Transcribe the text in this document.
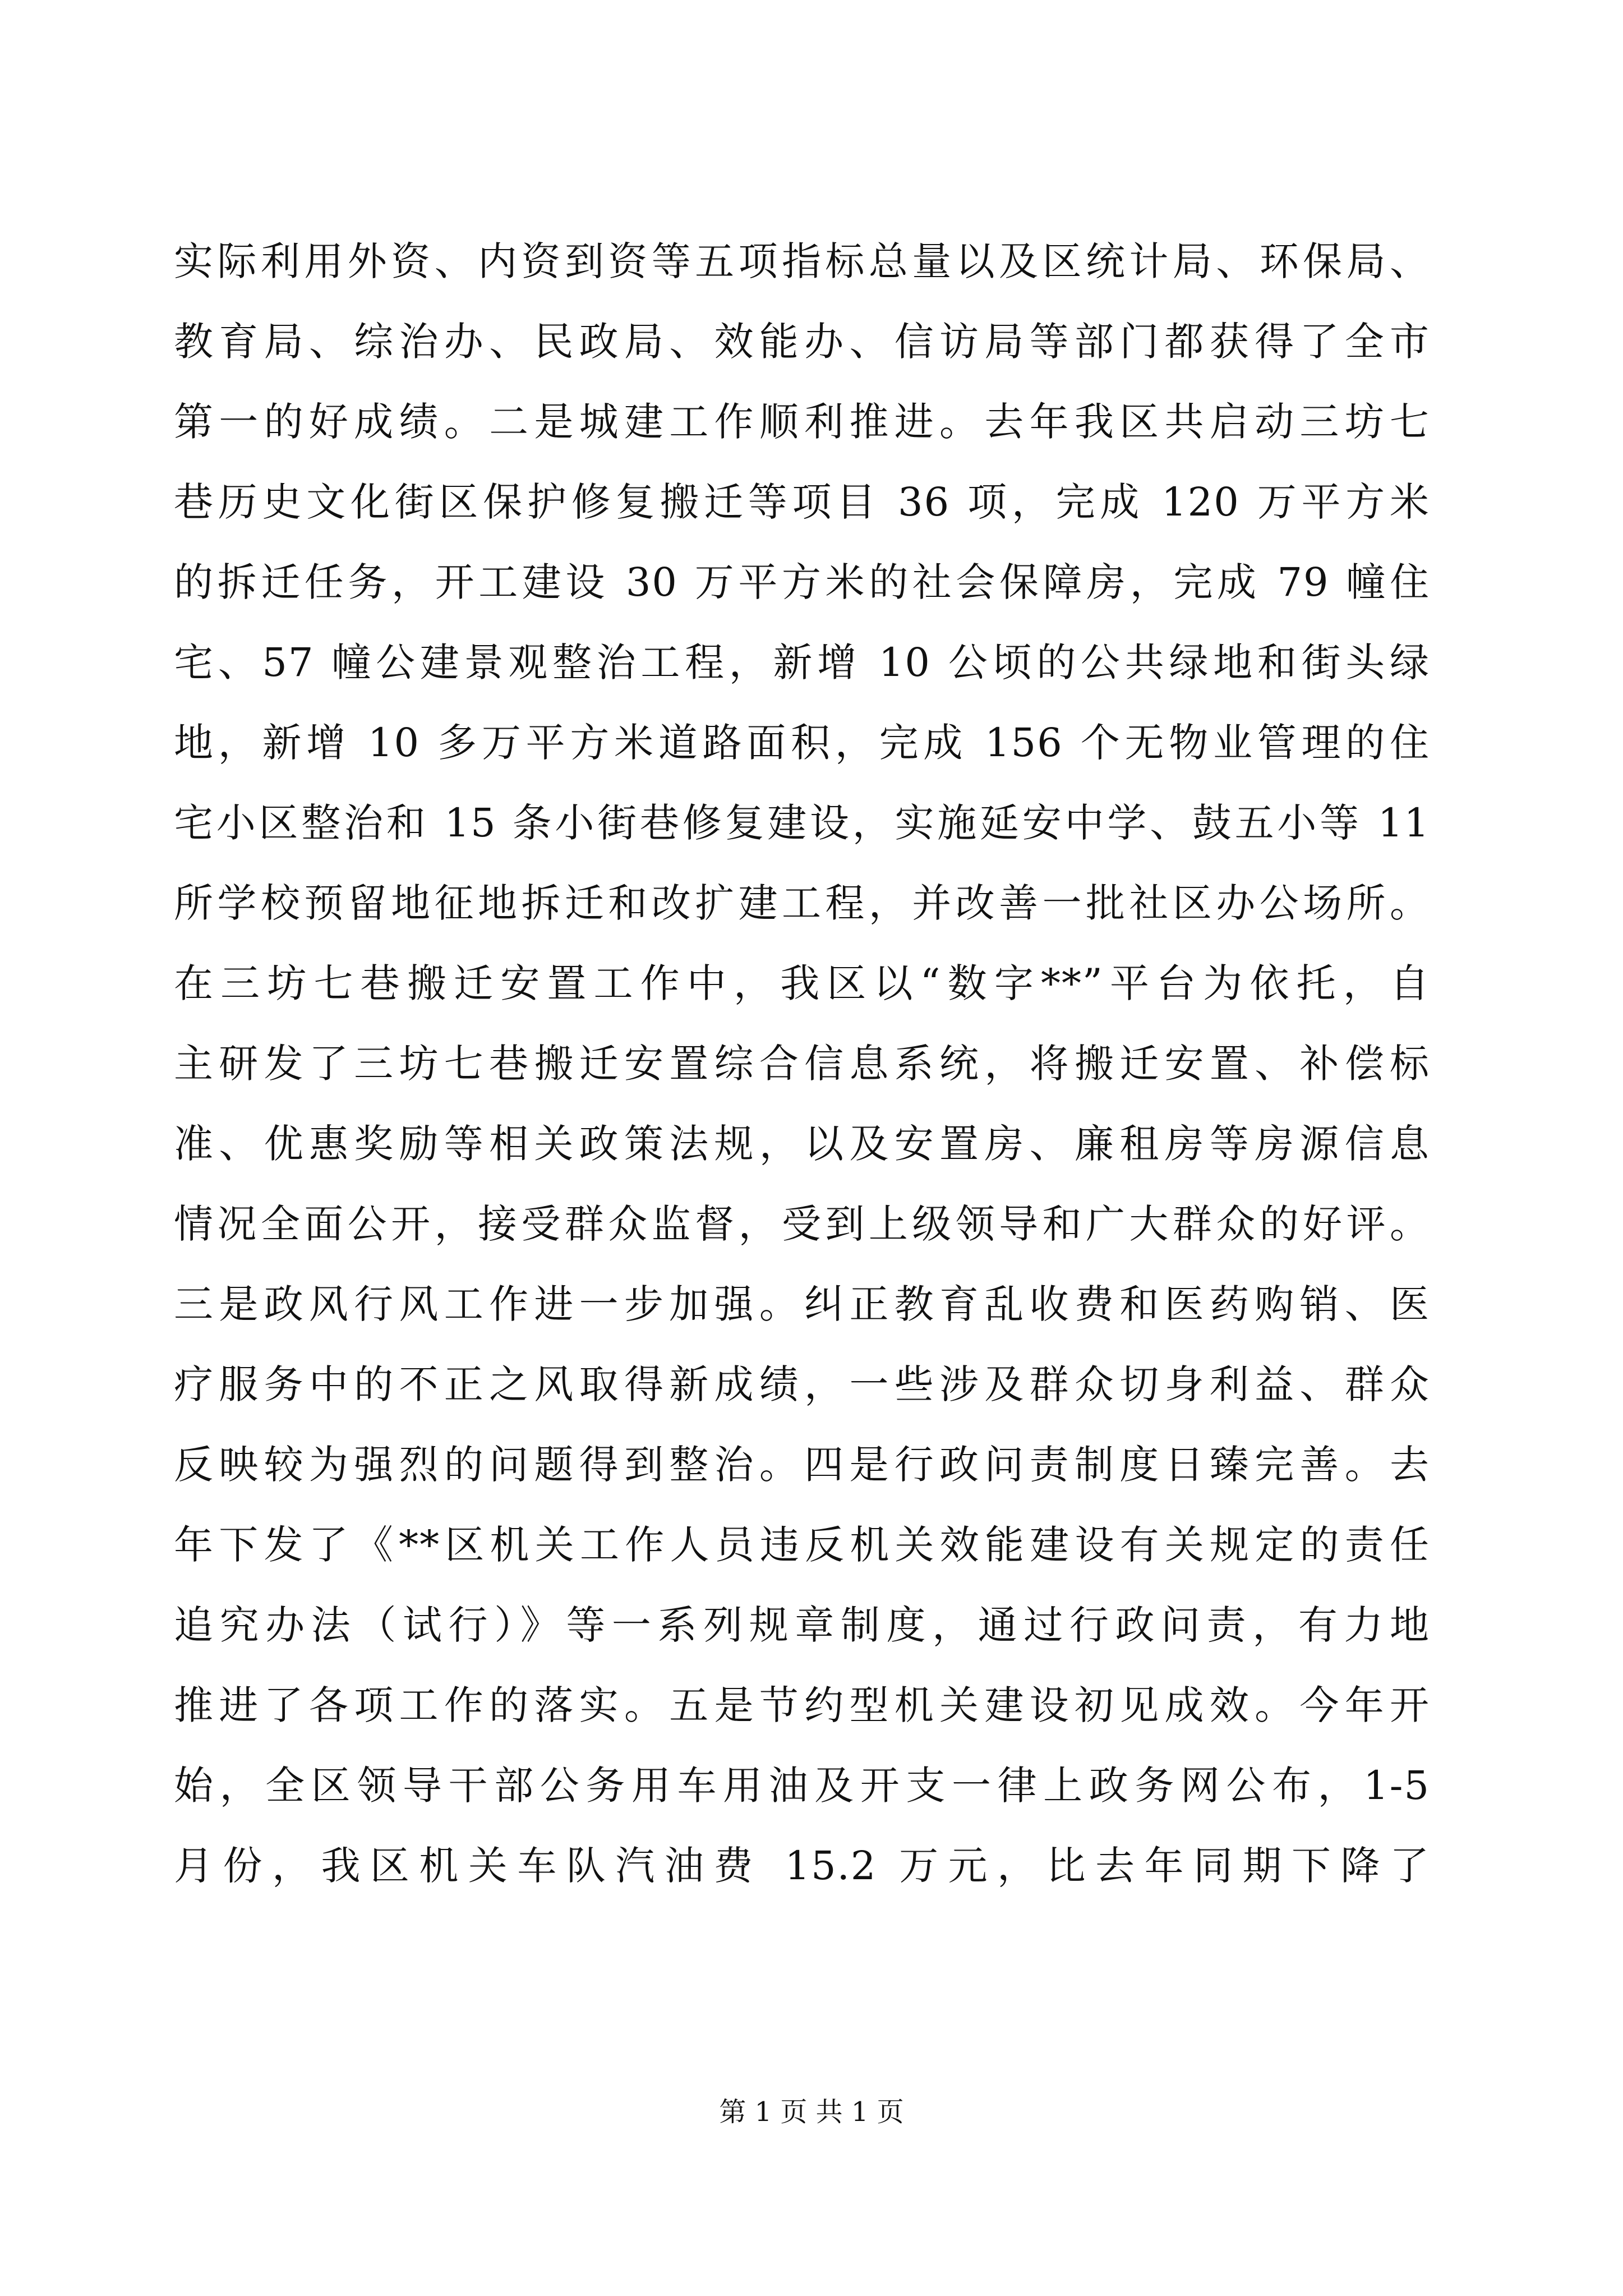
实际利用外资、内资到资等五项指标总量以及区统计局、环保局、
教育局、综治办、民政局、效能办、信访局等部门都获得了全市
第一的好成绩。二是城建工作顺利推进。去年我区共启动三坊七
巷历史文化街区保护修复搬迁等项目 36 项，完成 120 万平方米
的拆迁任务，开工建设 30 万平方米的社会保障房，完成 79 幢住
宅、57 幢公建景观整治工程，新增 10 公顷的公共绿地和街头绿
地，新增 10 多万平方米道路面积，完成 156 个无物业管理的住
宅小区整治和 15 条小街巷修复建设，实施延安中学、鼓五小等 11
所学校预留地征地拆迁和改扩建工程，并改善一批社区办公场所。
在三坊七巷搬迁安置工作中，我区以“数字**”平台为依托，自
主研发了三坊七巷搬迁安置综合信息系统，将搬迁安置、补偿标
准、优惠奖励等相关政策法规，以及安置房、廉租房等房源信息
情况全面公开，接受群众监督，受到上级领导和广大群众的好评。
三是政风行风工作进一步加强。纠正教育乱收费和医药购销、医
疗服务中的不正之风取得新成绩，一些涉及群众切身利益、群众
反映较为强烈的问题得到整治。四是行政问责制度日臻完善。去
年下发了《**区机关工作人员违反机关效能建设有关规定的责任
追究办法（试行）》等一系列规章制度，通过行政问责，有力地
推进了各项工作的落实。五是节约型机关建设初见成效。今年开
始，全区领导干部公务用车用油及开支一律上政务网公布，1-5
月份，我区机关车队汽油费 15.2 万元，比去年同期下降了
第 1 页 共 1 页
